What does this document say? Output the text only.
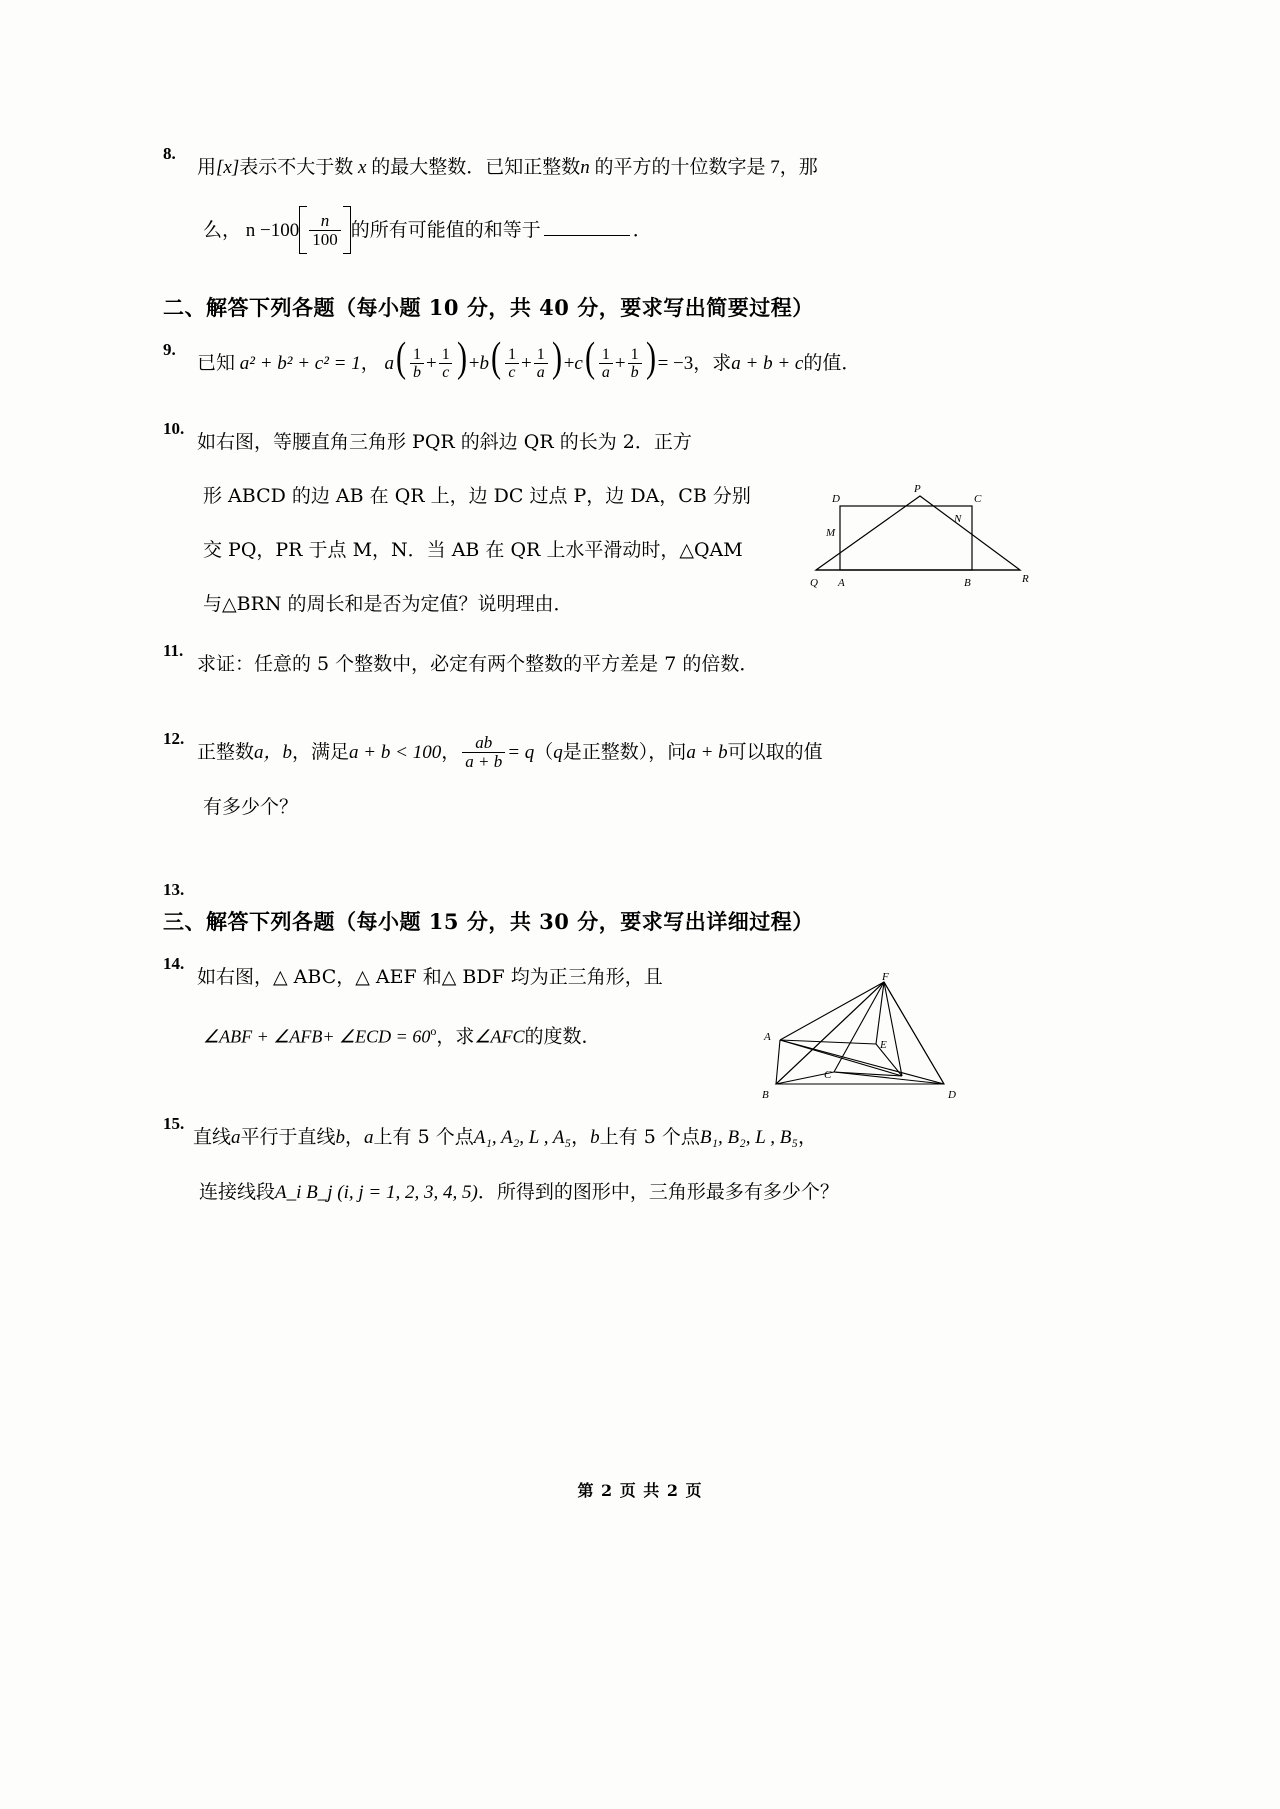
8.
用[x]表示不大于数 x 的最大整数．已知正整数n 的平方的十位数字是 7，那
么， $n -100 \frac{n}{100}$ 的所有可能值的和等于	．
二、解答下列各题（每小题 10 分，共 40 分，要求写出简要过程）
9.
已知 a² + b² + c² = 1， $a( \frac{1}{b} + \frac{1}{c}$ ) $+b( \frac{1}{c} + \frac{1}{a}$ ) $+c( \frac{1}{a} + \frac{1}{b}$ ) = −3，求a + b + c的值．
10.
如右图，等腰直角三角形 PQR 的斜边 QR 的长为 2．正方
形 ABCD 的边 AB 在 QR 上，边 DC 过点 P，边 DA，CB 分别
交 PQ，PR 于点 M，N．当 AB 在 QR 上水平滑动时，△QAM
与△BRN 的周长和是否为定值？说明理由．
11.
求证：任意的 5 个整数中，必定有两个整数的平方差是 7 的倍数．
12.
正整数a，b，满足a + b < 100， $\frac{ab}{a + b} = q(q$是正整数），问a + b可以取的值
有多少个？
13.
三、解答下列各题（每小题 15 分，共 30 分，要求写出详细过程）
14.
如右图，△ ABC，△ AEF 和△ BDF 均为正三角形，且
∠ABF + ∠AFB+ ∠ECD = $60^o$，求∠AFC的度数．
15.
直线a平行于直线b，a上有 5 个点A₁, A₂, L , A₅，b上有 5 个点B₁, B₂, L , B₅，
连接线段A_i B_j (i, j = 1, 2, 3, 4, 5)．所得到的图形中，三角形最多有多少个？
D
P
C
N
M
Q A	B	R
F
A
E
C
B	D
第 2 页 共 2 页
